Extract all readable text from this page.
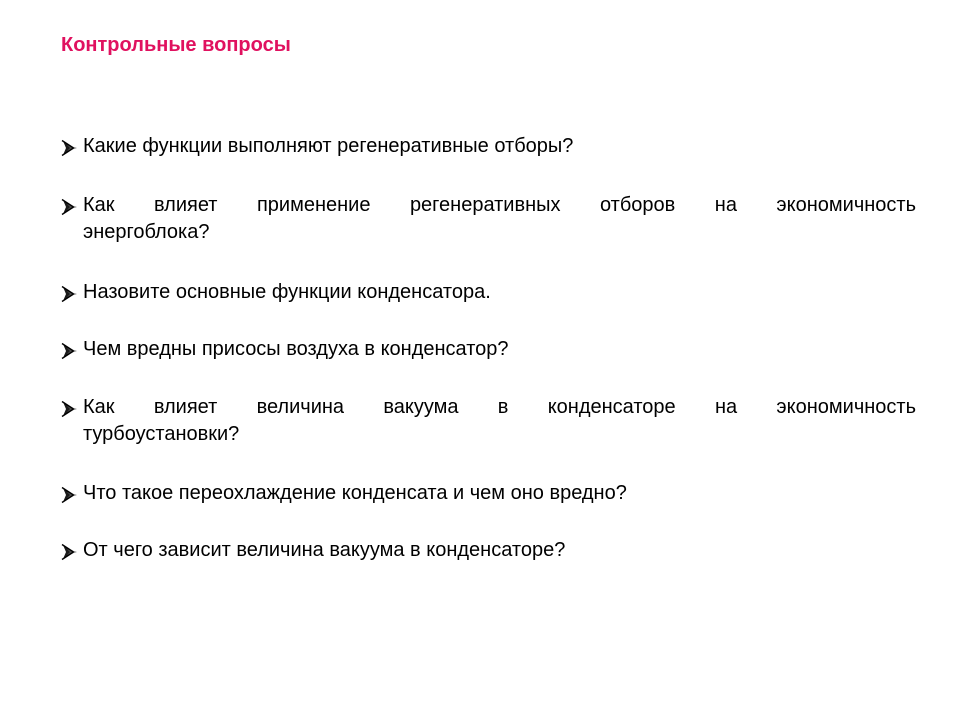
Контрольные вопросы
Какие функции выполняют регенеративные отборы?
Как влияет применение регенеративных отборов на экономичность
энергоблока?
Назовите основные функции конденсатора.
Чем вредны присосы воздуха в конденсатор?
Как влияет величина вакуума в конденсаторе на экономичность
турбоустановки?
Что такое переохлаждение конденсата и чем оно вредно?
От чего зависит величина вакуума в конденсаторе?
